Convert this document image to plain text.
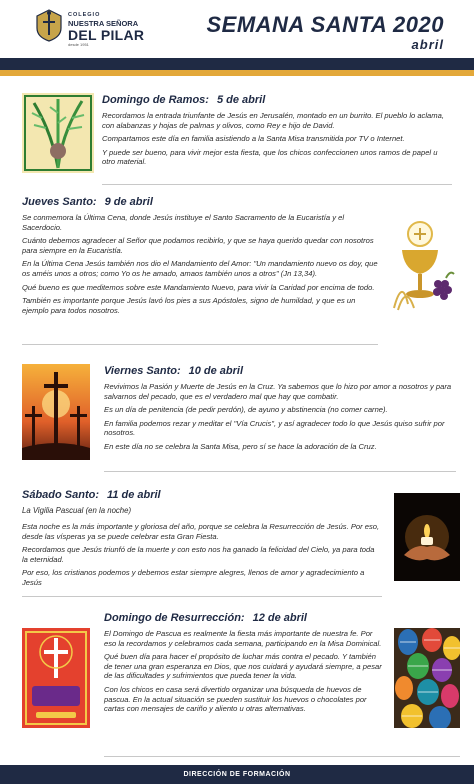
COLEGIO
NUESTRA SEÑORA
DEL PILAR
desde 1951
SEMANA SANTA 2020
abril
Domingo de Ramos: 5 de abril

Recordamos la entrada triunfante de Jesús en Jerusalén, montado en un burrito. El pueblo lo aclama, con alabanzas y hojas de palmas y olivos, como Rey e hijo de David.

Compartamos este día en familia asistiendo a la Santa Misa transmitida por TV o Internet.

Y puede ser bueno, para vivir mejor esta fiesta, que los chicos confeccionen unos ramos de papel u otro material.

Jueves Santo: 9 de abril

Se conmemora la Última Cena, donde Jesús instituye el Santo Sacramento de la Eucaristía y el Sacerdocio.

Cuánto debemos agradecer al Señor que podamos recibirlo, y que se haya querido quedar con nosotros para siempre en la Eucaristía.

En la Última Cena Jesús también nos dio el Mandamiento del Amor: "Un mandamiento nuevo os doy, que os améis unos a otros; como Yo os he amado, amaos también unos a otros" (Jn 13,34).

Qué bueno es que meditemos sobre este Mandamiento Nuevo, para vivir la Caridad por encima de todo.

También es importante porque Jesús lavó los pies a sus Apóstoles, signo de humildad, y que es un ejemplo para todos nosotros.

Viernes Santo: 10 de abril

Revivimos la Pasión y Muerte de Jesús en la Cruz. Ya sabemos que lo hizo por amor a nosotros y para salvarnos del pecado, que es el verdadero mal que hay que combatir.

Es un día de penitencia (de pedir perdón), de ayuno y abstinencia (no comer carne).

En familia podemos rezar y meditar el "Vía Crucis", y así agradecer todo lo que Jesús quiso sufrir por nosotros.

En este día no se celebra la Santa Misa, pero sí se hace la adoración de la Cruz.

Sábado Santo: 11 de abril
La Vigilia Pascual (en la noche)

Esta noche es la más importante y gloriosa del año, porque se celebra la Resurrección de Jesús. Por eso, desde las vísperas ya se puede celebrar esta Gran Fiesta.

Recordamos que Jesús triunfó de la muerte y con esto nos ha ganado la felicidad del Cielo, ya para toda la eternidad.

Por eso, los cristianos podemos y debemos estar siempre alegres, llenos de amor y agradecimiento a Jesús

Domingo de Resurrección: 12 de abril

El Domingo de Pascua es realmente la fiesta más importante de nuestra fe. Por eso la recordamos y celebramos cada semana, participando en la Misa Dominical.

Qué buen día para hacer el propósito de luchar más contra el pecado. Y también de tener una gran esperanza en Dios, que nos cuidará y ayudará siempre, a pesar de las dificultades y sufrimientos que pueda tener la vida.

Con los chicos en casa será divertido organizar una búsqueda de huevos de pascua. En la actual situación se pueden sustituir los huevos o chocolates por cartas con mensajes de cariño y aliento u otras alternativas.

DIRECCIÓN DE FORMACIÓN
